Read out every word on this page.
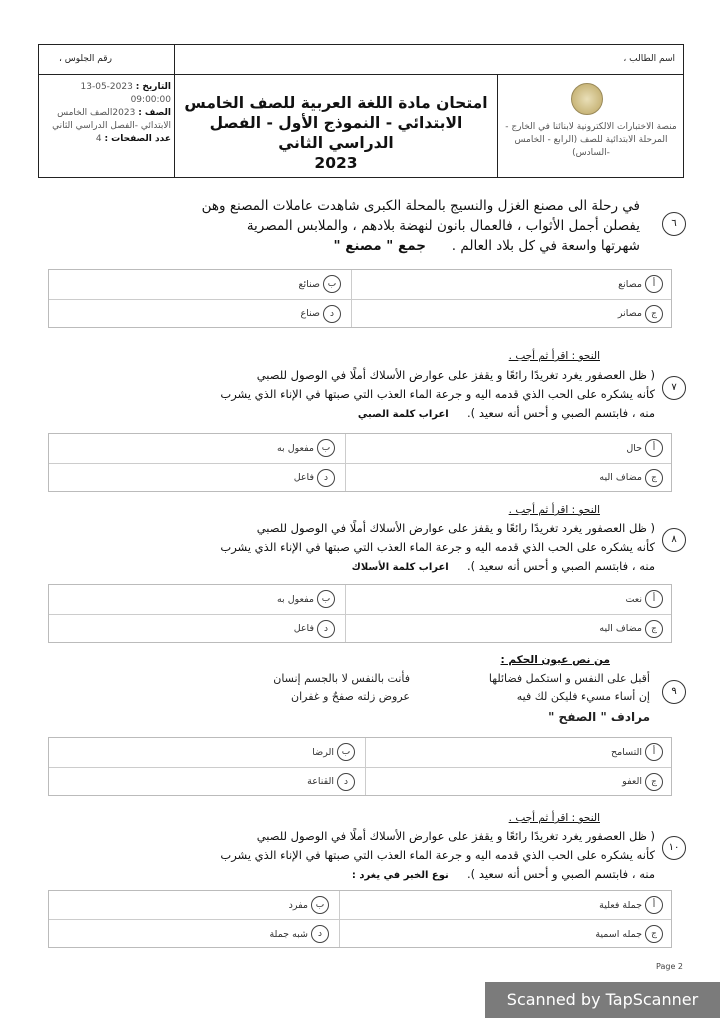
اسم الطالب ،
رقم الجلوس ،
منصة الاختبارات الالكترونية لابنائنا في الخارج -
المرحلة الابتدائية للصف (الرابع - الخامس
-السادس)
امتحان مادة اللغة العربية للصف الخامس
الابتدائي - النموذج الأول - الفصل الدراسي الثاني
2023
التاريخ : 2023-05-13 09:00:00
الصف : 2023الصف الخامس
الابتدائي -الفصل الدراسي الثاني
عدد الصفحات : 4
٦
في رحلة الى مصنع الغزل والنسيج بالمحلة الكبرى شاهدت عاملات المصنع وهن
يفصلن أجمل الأثواب ، فالعمال بانون لنهضة بلادهم ، والملابس المصرية
شهرتها واسعة في كل بلاد العالم .      جمع " مصنع "
أ
مصانع
ب
صنائع
ج
مصانر
د
صناع
النحو : اقرأ ثم أجب .
٧
( ظل العصفور يغرد تغريدًا رائعًا و يقفز على عوارض الأسلاك أملًا في الوصول للصبي
كأنه يشكره على الحب الذي قدمه اليه و جرعة الماء العذب التي صبتها في الإناء الذي يشرب
منه ، فابتسم الصبي و أحس أنه سعيد ).     اعراب كلمة الصبي
أ
حال
ب
مفعول به
ج
مضاف اليه
د
فاعل
النحو : اقرأ ثم أجب .
٨
( ظل العصفور يغرد تغريدًا رائعًا و يقفز على عوارض الأسلاك أملًا في الوصول للصبي
كأنه يشكره على الحب الذي قدمه اليه و جرعة الماء العذب التي صبتها في الإناء الذي يشرب
منه ، فابتسم الصبي و أحس أنه سعيد ).     اعراب كلمة الأسلاك
أ
نعت
ب
مفعول به
ج
مضاف اليه
د
فاعل
من نص عيون الحكم :
٩
أقبل على النفس و استكمل فضائلها
فأنت بالنفس لا بالجسم إنسان
إن أساء مسيء فليكن لك فيه
عروض زلته صفحٌ و غفران
مرادف " الصفح "
أ
التسامح
ب
الرضا
ج
العفو
د
القناعة
النحو : اقرأ ثم أجب .
١٠
( ظل العصفور يغرد تغريدًا رائعًا و يقفز على عوارض الأسلاك أملًا في الوصول للصبي
كأنه يشكره على الحب الذي قدمه اليه و جرعة الماء العذب التي صبتها في الإناء الذي يشرب
منه ، فابتسم الصبي و أحس أنه سعيد ).     نوع الخبر في يغرد :
أ
جملة فعلية
ب
مفرد
ج
جمله اسمية
د
شبه جملة
Page 2
Scanned by TapScanner
